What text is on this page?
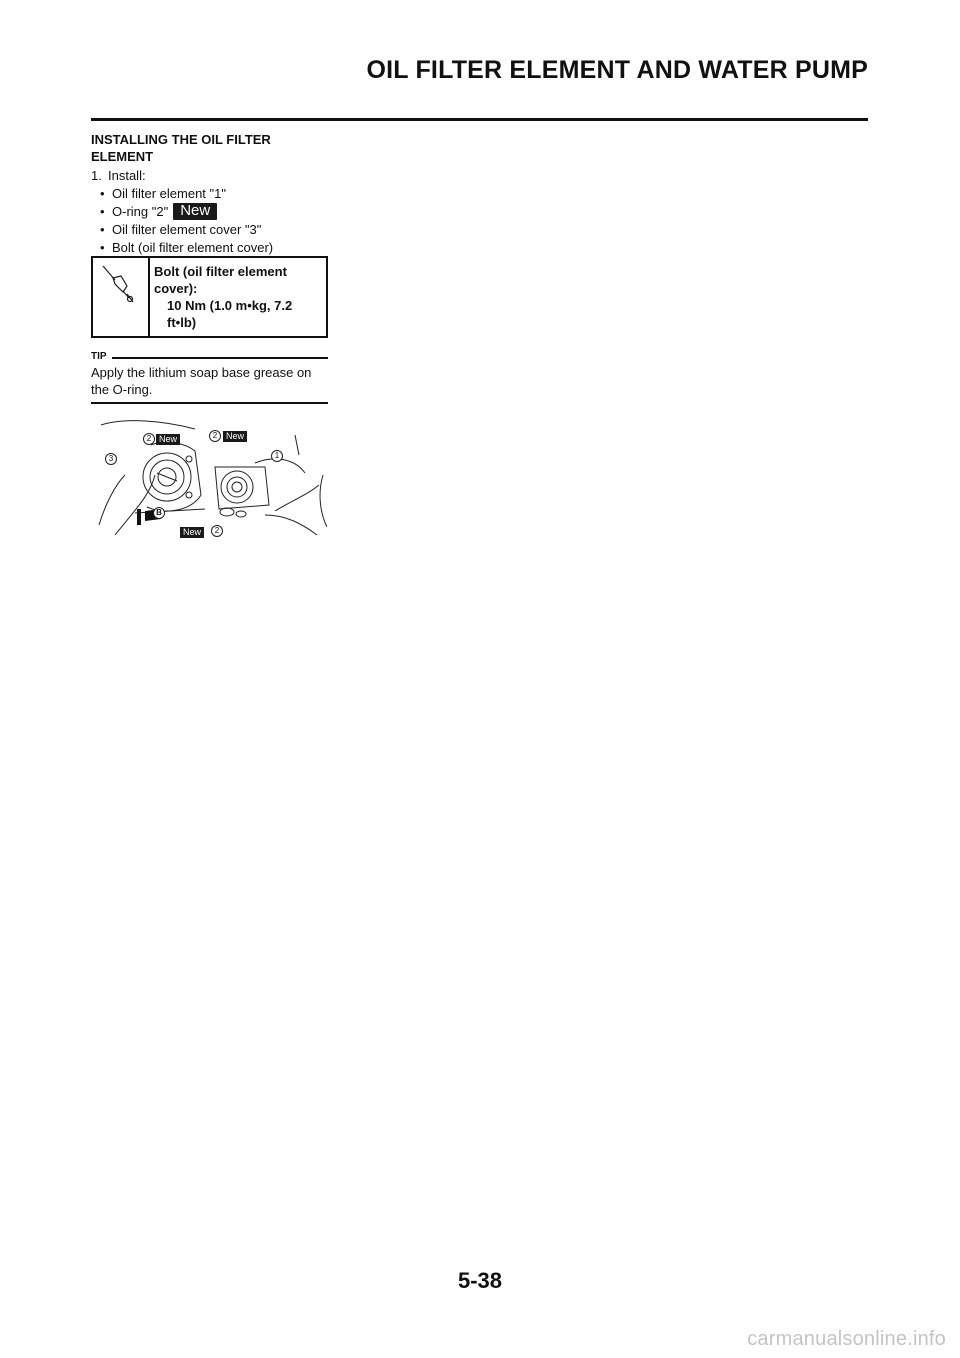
OIL FILTER ELEMENT AND WATER PUMP
INSTALLING THE OIL FILTER ELEMENT
1. Install:
• Oil filter element "1"
• O-ring "2" New
• Oil filter element cover "3"
• Bolt (oil filter element cover)
Bolt (oil filter element cover):
10 Nm (1.0 m•kg, 7.2 ft•lb)
TIP
Apply the lithium soap base grease on the O-ring.
2 New	2 New
3	1
B
New	2
5-38
carmanualsonline.info
